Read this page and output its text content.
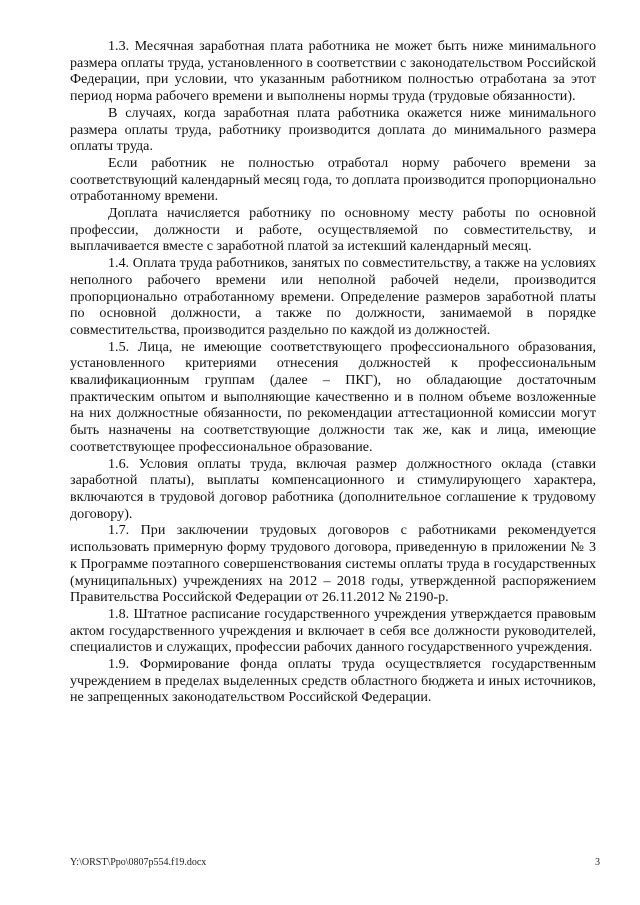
1.3. Месячная заработная плата работника не может быть ниже минимального размера оплаты труда, установленного в соответствии с законодательством Российской Федерации, при условии, что указанным работником полностью отработана за этот период норма рабочего времени и выполнены нормы труда (трудовые обязанности).

В случаях, когда заработная плата работника окажется ниже минимального размера оплаты труда, работнику производится доплата до минимального размера оплаты труда.

Если работник не полностью отработал норму рабочего времени за соответствующий календарный месяц года, то доплата производится пропорционально отработанному времени.

Доплата начисляется работнику по основному месту работы по основной профессии, должности и работе, осуществляемой по совместительству, и выплачивается вместе с заработной платой за истекший календарный месяц.

1.4. Оплата труда работников, занятых по совместительству, а также на условиях неполного рабочего времени или неполной рабочей недели, производится пропорционально отработанному времени. Определение размеров заработной платы по основной должности, а также по должности, занимаемой в порядке совместительства, производится раздельно по каждой из должностей.

1.5. Лица, не имеющие соответствующего профессионального образования, установленного критериями отнесения должностей к профессиональным квалификационным группам (далее – ПКГ), но обладающие достаточным практическим опытом и выполняющие качественно и в полном объеме возложенные на них должностные обязанности, по рекомендации аттестационной комиссии могут быть назначены на соответствующие должности так же, как и лица, имеющие соответствующее профессиональное образование.

1.6. Условия оплаты труда, включая размер должностного оклада (ставки заработной платы), выплаты компенсационного и стимулирующего характера, включаются в трудовой договор работника (дополнительное соглашение к трудовому договору).

1.7. При заключении трудовых договоров с работниками рекомендуется использовать примерную форму трудового договора, приведенную в приложении № 3 к Программе поэтапного совершенствования системы оплаты труда в государственных (муниципальных) учреждениях на 2012 – 2018 годы, утвержденной распоряжением Правительства Российской Федерации от 26.11.2012 № 2190-р.

1.8. Штатное расписание государственного учреждения утверждается правовым актом государственного учреждения и включает в себя все должности руководителей, специалистов и служащих, профессии рабочих данного государственного учреждения.

1.9. Формирование фонда оплаты труда осуществляется государственным учреждением в пределах выделенных средств областного бюджета и иных источников, не запрещенных законодательством Российской Федерации.

Y:\ORST\Ppo\0807p554.f19.docx	3
